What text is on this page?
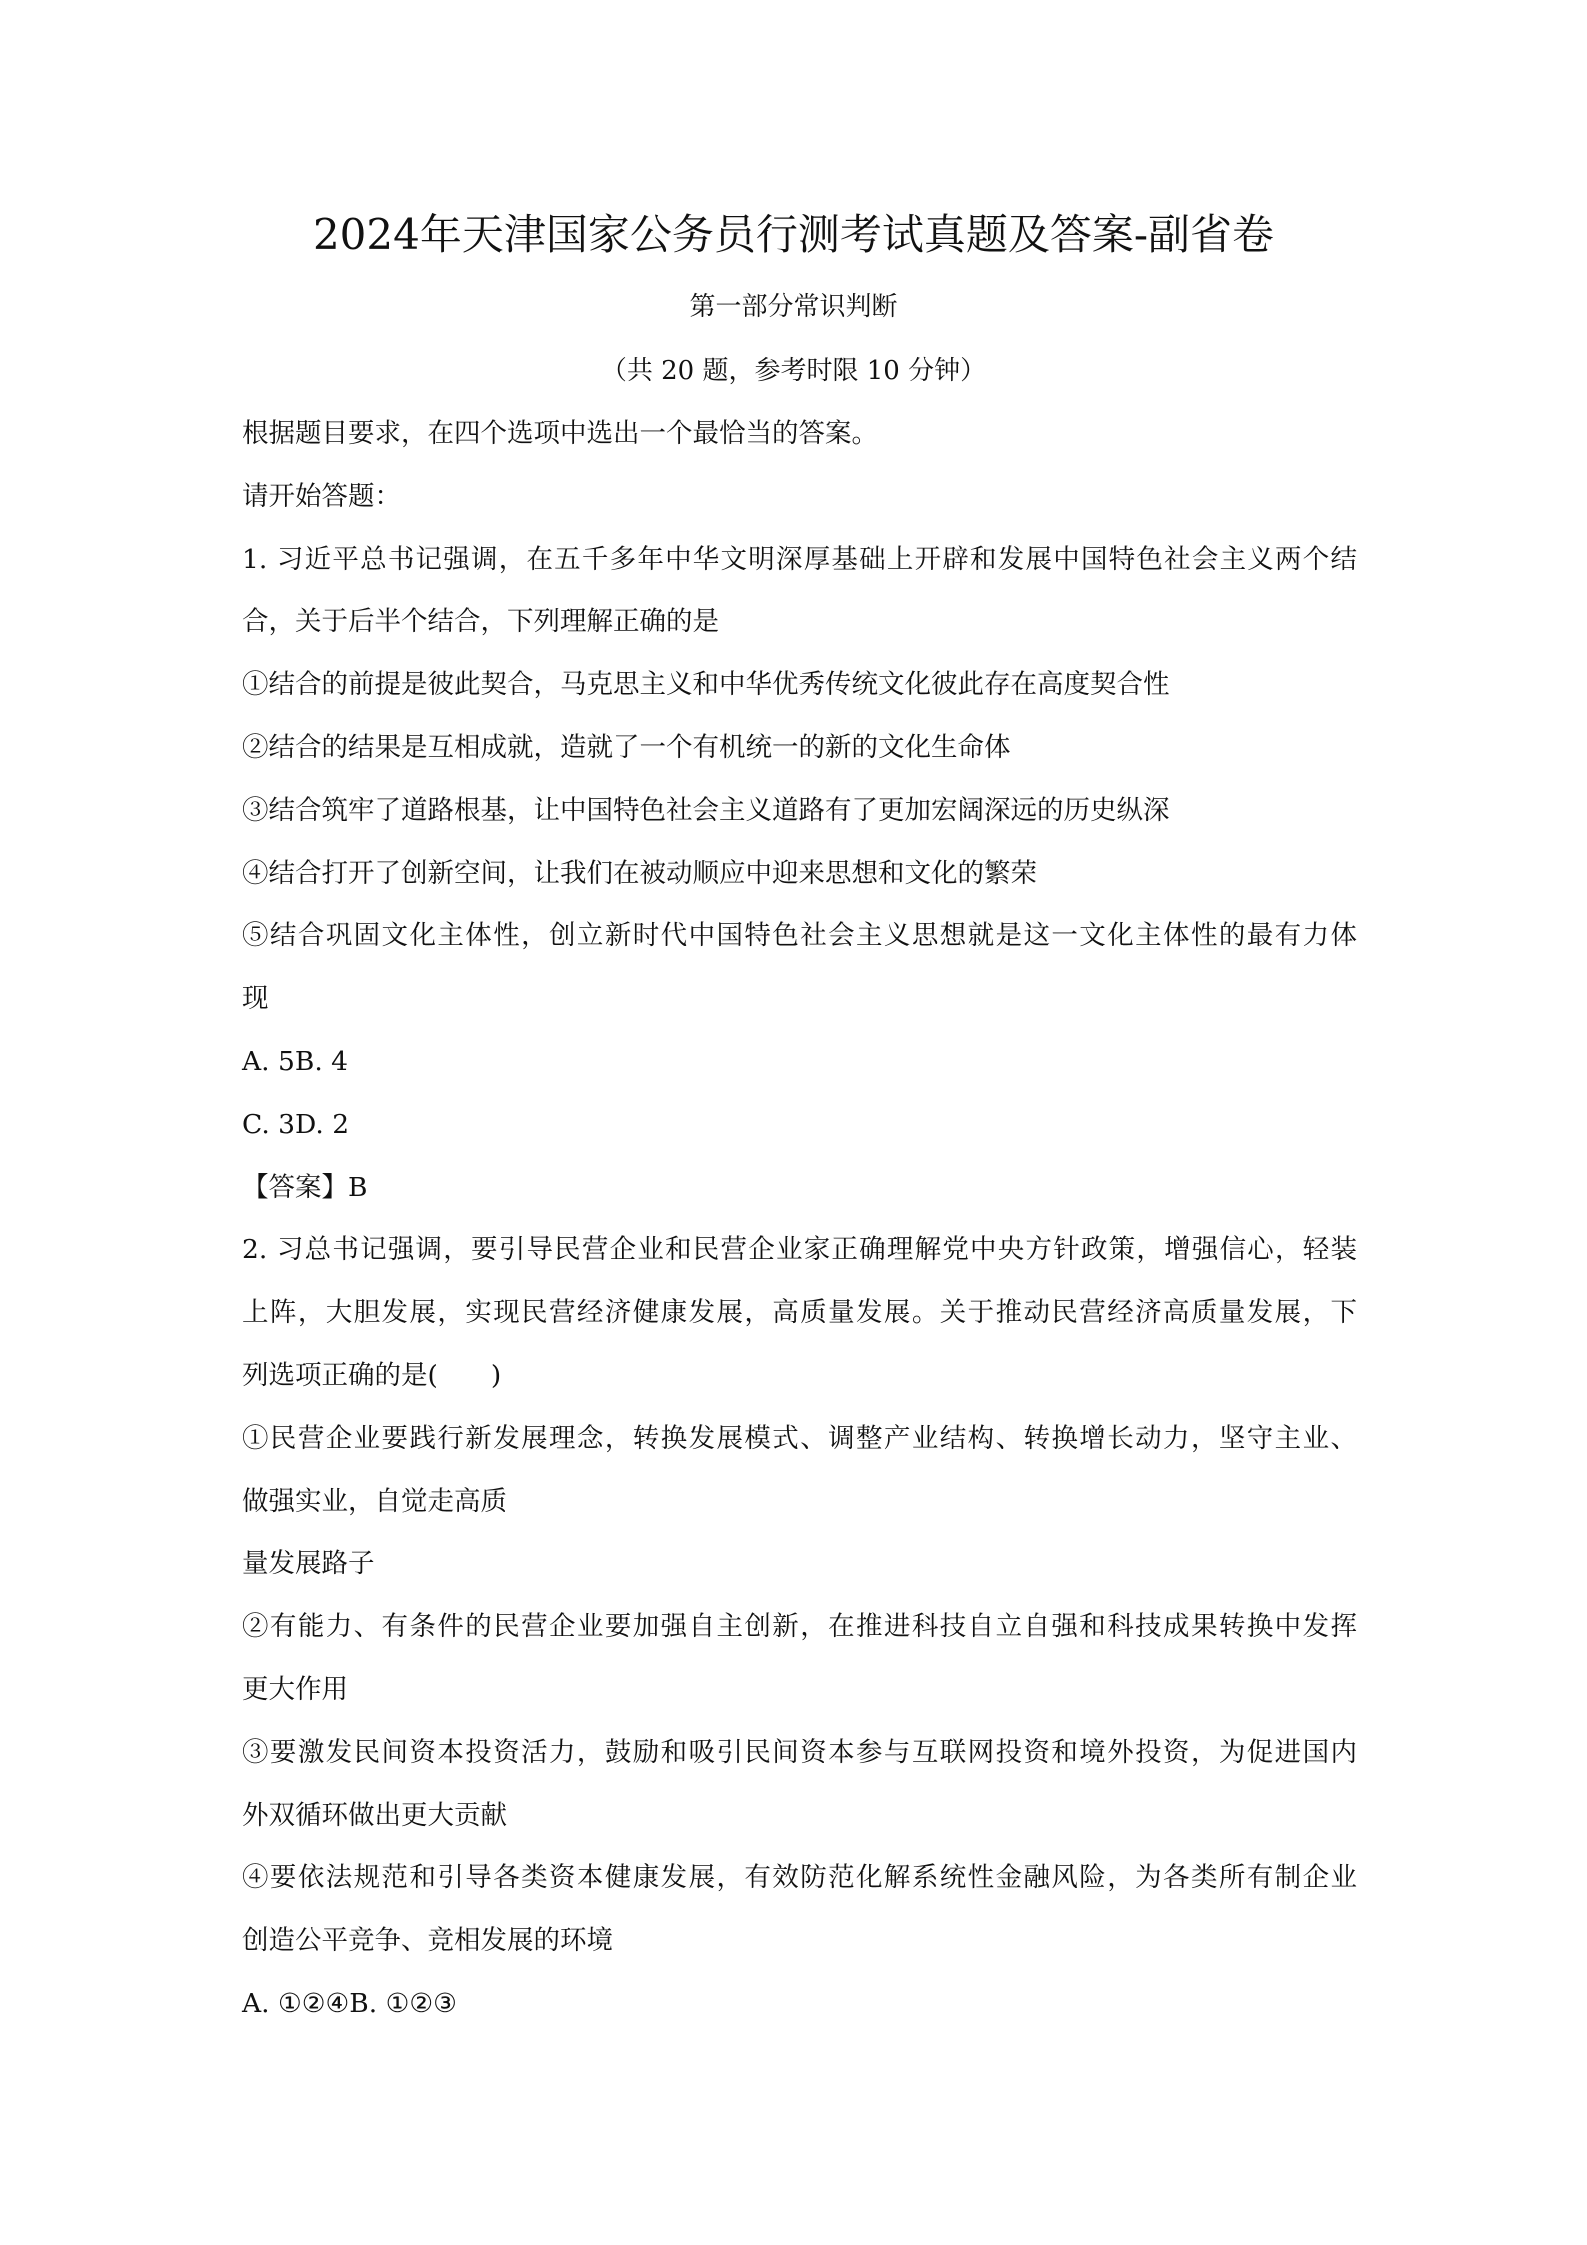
2024年天津国家公务员行测考试真题及答案-副省卷
第一部分常识判断
（共 20 题，参考时限 10 分钟）
根据题目要求，在四个选项中选出一个最恰当的答案。
请开始答题：
1. 习近平总书记强调，在五千多年中华文明深厚基础上开辟和发展中国特色社会主义两个结
合，关于后半个结合，下列理解正确的是
①结合的前提是彼此契合，马克思主义和中华优秀传统文化彼此存在高度契合性
②结合的结果是互相成就，造就了一个有机统一的新的文化生命体
③结合筑牢了道路根基，让中国特色社会主义道路有了更加宏阔深远的历史纵深
④结合打开了创新空间，让我们在被动顺应中迎来思想和文化的繁荣
⑤结合巩固文化主体性，创立新时代中国特色社会主义思想就是这一文化主体性的最有力体
现
A. 5B. 4
C. 3D. 2
【答案】B
2. 习总书记强调，要引导民营企业和民营企业家正确理解党中央方针政策，增强信心，轻装
上阵，大胆发展，实现民营经济健康发展，高质量发展。关于推动民营经济高质量发展，下
列选项正确的是(　　)
①民营企业要践行新发展理念，转换发展模式、调整产业结构、转换增长动力，坚守主业、
做强实业，自觉走高质
量发展路子
②有能力、有条件的民营企业要加强自主创新，在推进科技自立自强和科技成果转换中发挥
更大作用
③要激发民间资本投资活力，鼓励和吸引民间资本参与互联网投资和境外投资，为促进国内
外双循环做出更大贡献
④要依法规范和引导各类资本健康发展，有效防范化解系统性金融风险，为各类所有制企业
创造公平竞争、竞相发展的环境
A. ①②④B. ①②③
